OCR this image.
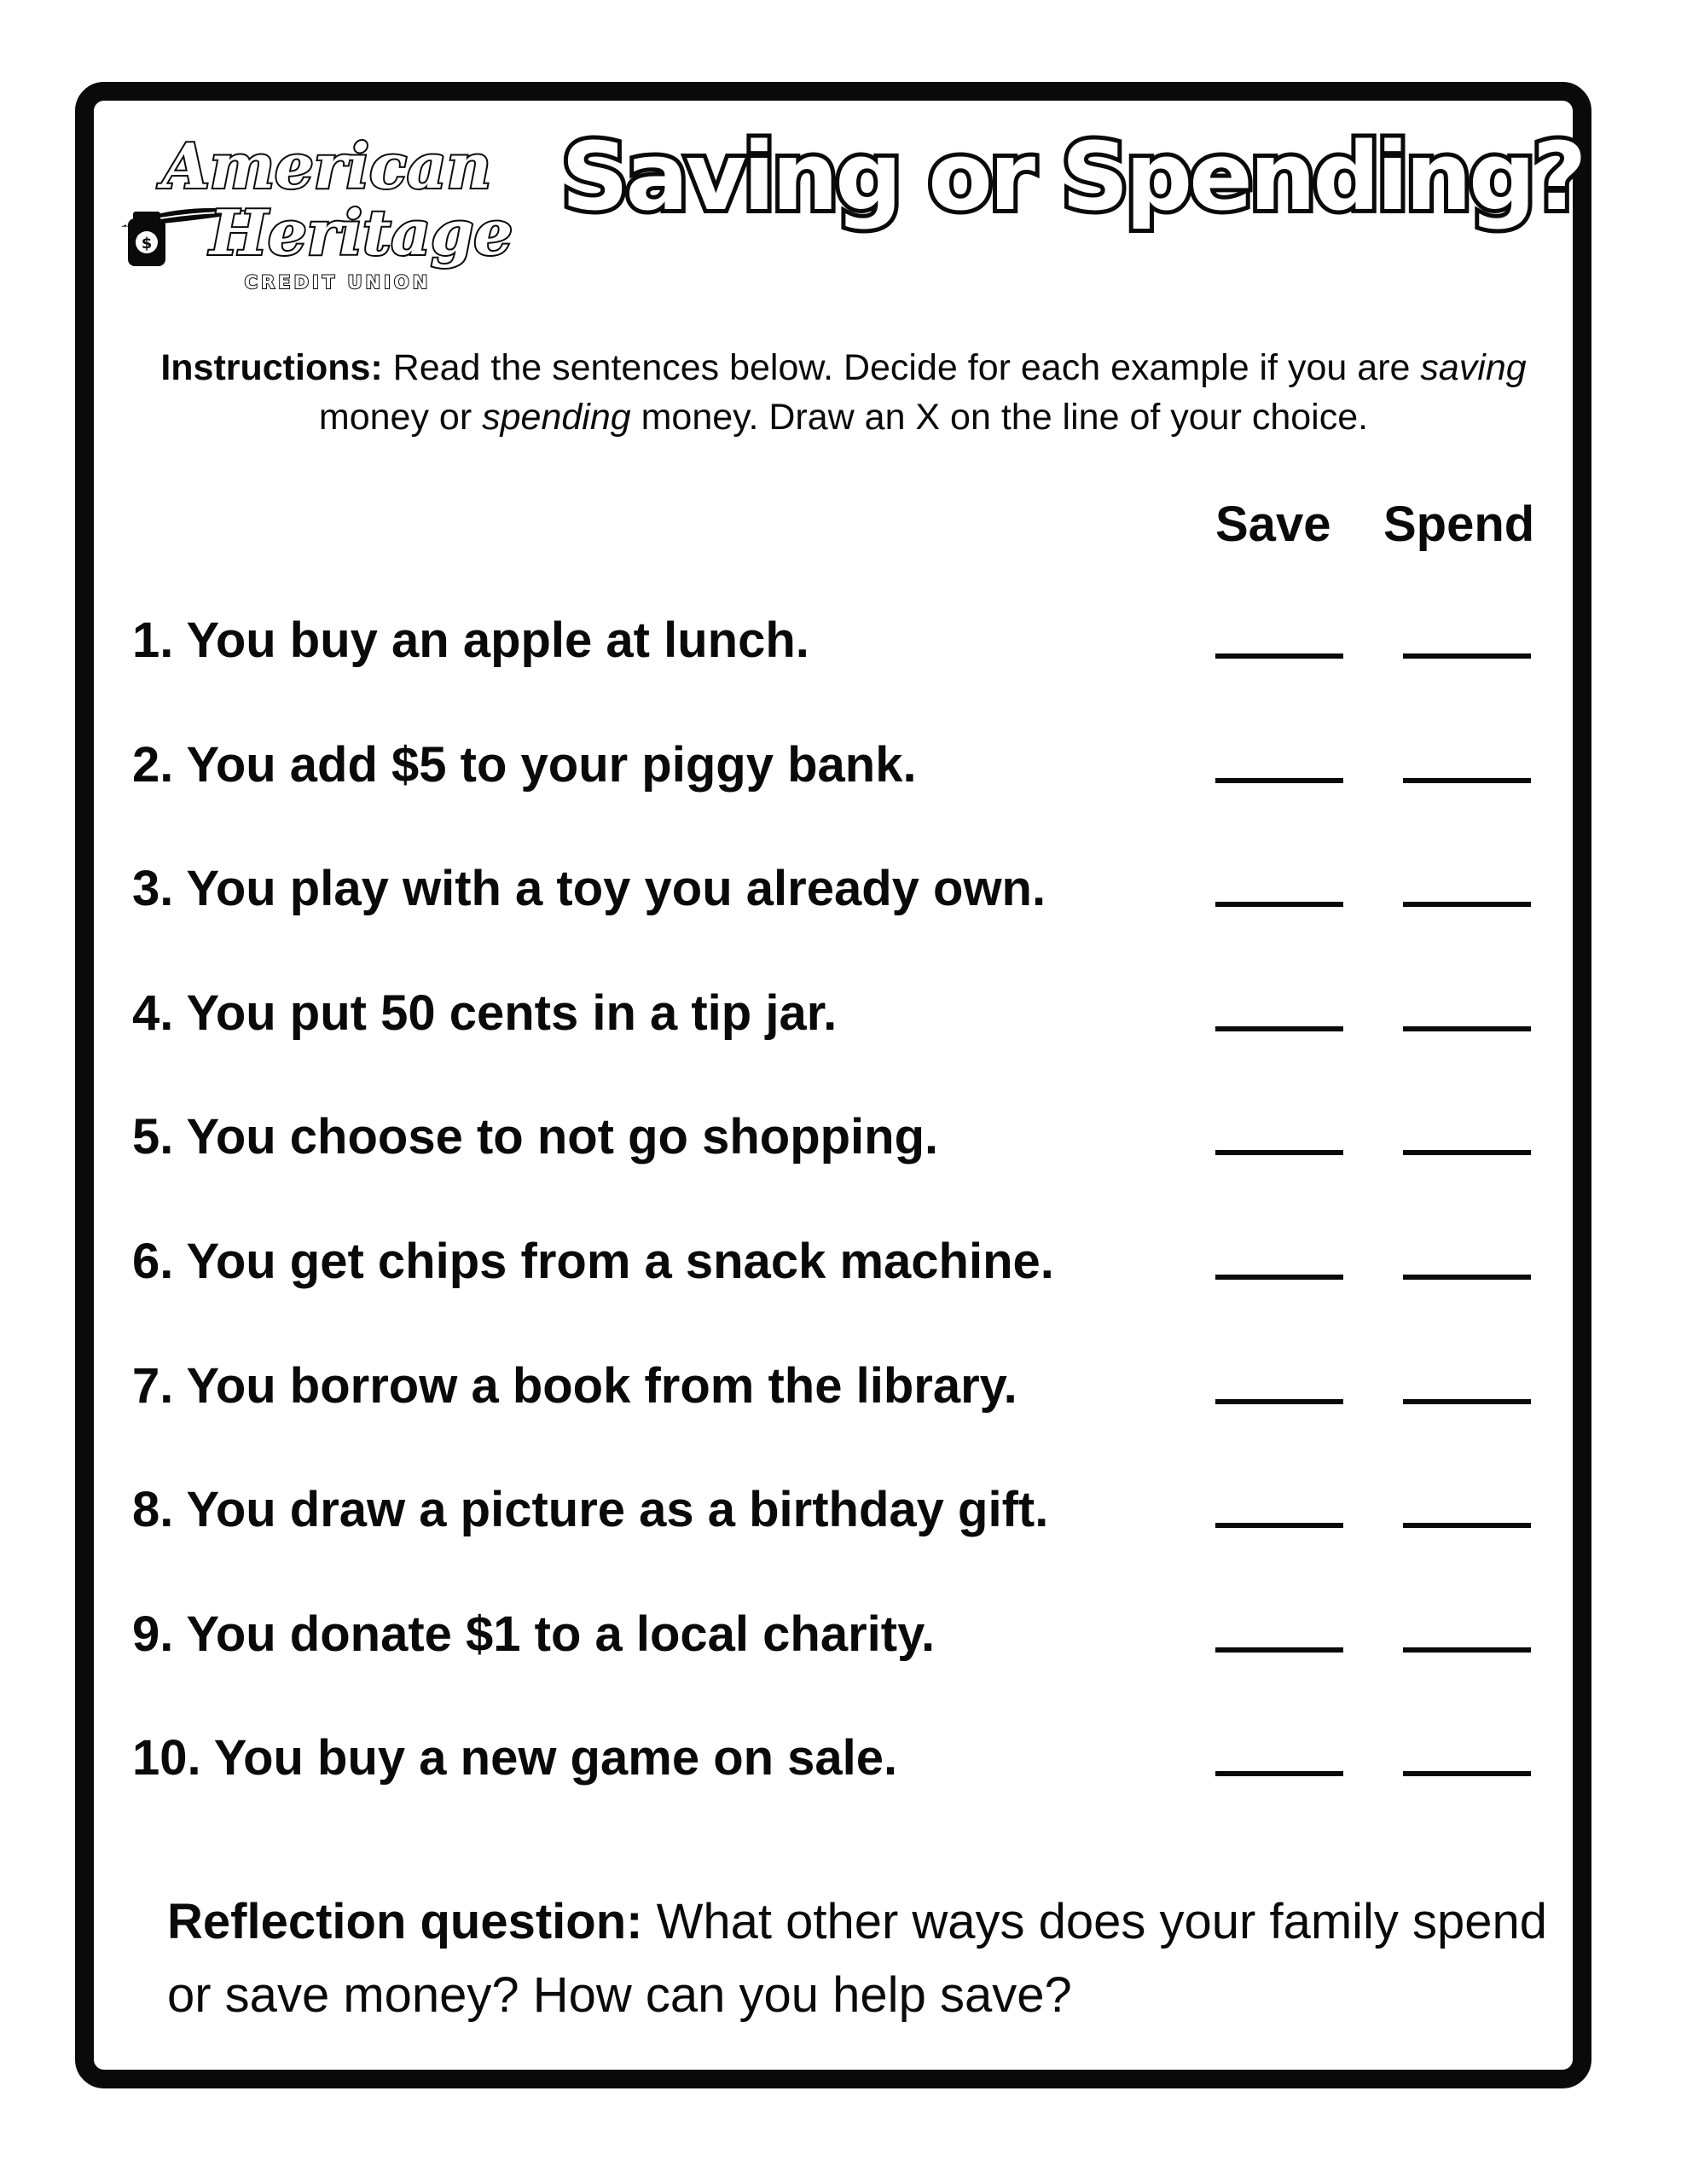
$
American
Heritage
CREDIT UNION
Saving or Spending?

Instructions: Read the sentences below. Decide for each example if you are saving money or spending money. Draw an X on the line of your choice.

Save Spend
1. You buy an apple at lunch.
2. You add $5 to your piggy bank.
3. You play with a toy you already own.
4. You put 50 cents in a tip jar.
5. You choose to not go shopping.
6. You get chips from a snack machine.
7. You borrow a book from the library.
8. You draw a picture as a birthday gift.
9. You donate $1 to a local charity.
10. You buy a new game on sale.

Reflection question: What other ways does your family spend or save money? How can you help save?
